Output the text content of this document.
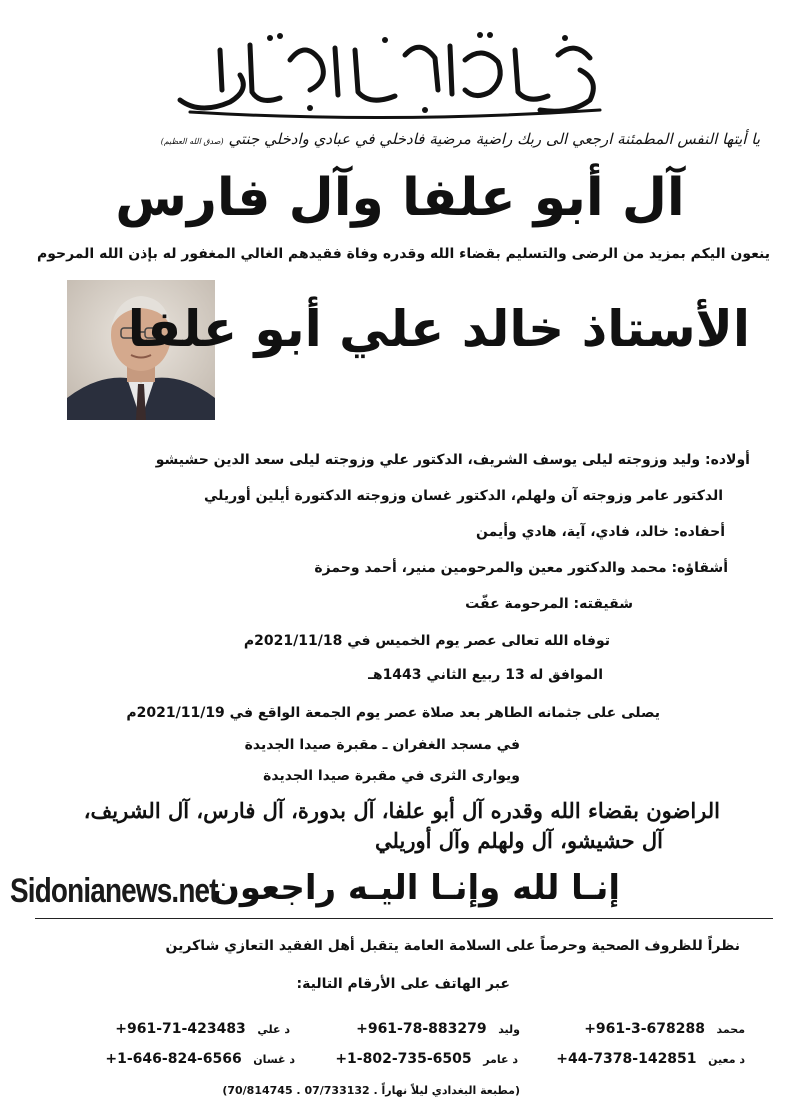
يا أيتها النفس المطمئنة ارجعي الى ربك راضية مرضية فادخلي في عبادي وادخلي جنتي (صدق الله العظيم)
آل أبو علفا وآل فارس
ينعون اليكم بمزيد من الرضى والتسليم بقضاء الله وقدره وفاة فقيدهم الغالي المغفور له بإذن الله المرحوم
الأستاذ خالد علي أبو علفا
أولاده: وليد وزوجته ليلى يوسف الشريف، الدكتور علي وزوجته ليلى سعد الدين حشيشو
الدكتور عامر وزوجته آن ولهلم، الدكتور غسان وزوجته الدكتورة أيلين أوريلي
أحفاده: خالد، فادي، آية، هادي وأيمن
أشقاؤه: محمد والدكتور معين والمرحومين منير، أحمد وحمزة
شقيقته: المرحومة عفّت
توفاه الله تعالى عصر يوم الخميس في 2021/11/18م
الموافق له 13 ربيع الثاني 1443هـ
يصلى على جثمانه الطاهر بعد صلاة عصر يوم الجمعة الواقع في 2021/11/19م
في مسجد الغفران ـ مقبرة صيدا الجديدة
ويوارى الثرى في مقبرة صيدا الجديدة
الراضون بقضاء الله وقدره آل أبو علفا، آل بدورة، آل فارس، آل الشريف،
آل حشيشو، آل ولهلم وآل أوريلي
إنـا لله وإنـا اليـه راجعون
Sidonianews.net
نظراً للظروف الصحية وحرصاً على السلامة العامة يتقبل أهل الفقيد التعازي شاكرين
عبر الهاتف على الأرقام التالية:
محمد +961-3-678288
وليد +961-78-883279
د علي +961-71-423483
د معين +44-7378-142851
د عامر +1-802-735-6505
د غسان +1-646-824-6566
(مطبعة البغدادي ليلاً نهاراً . 07/733132 . 70/814745)
